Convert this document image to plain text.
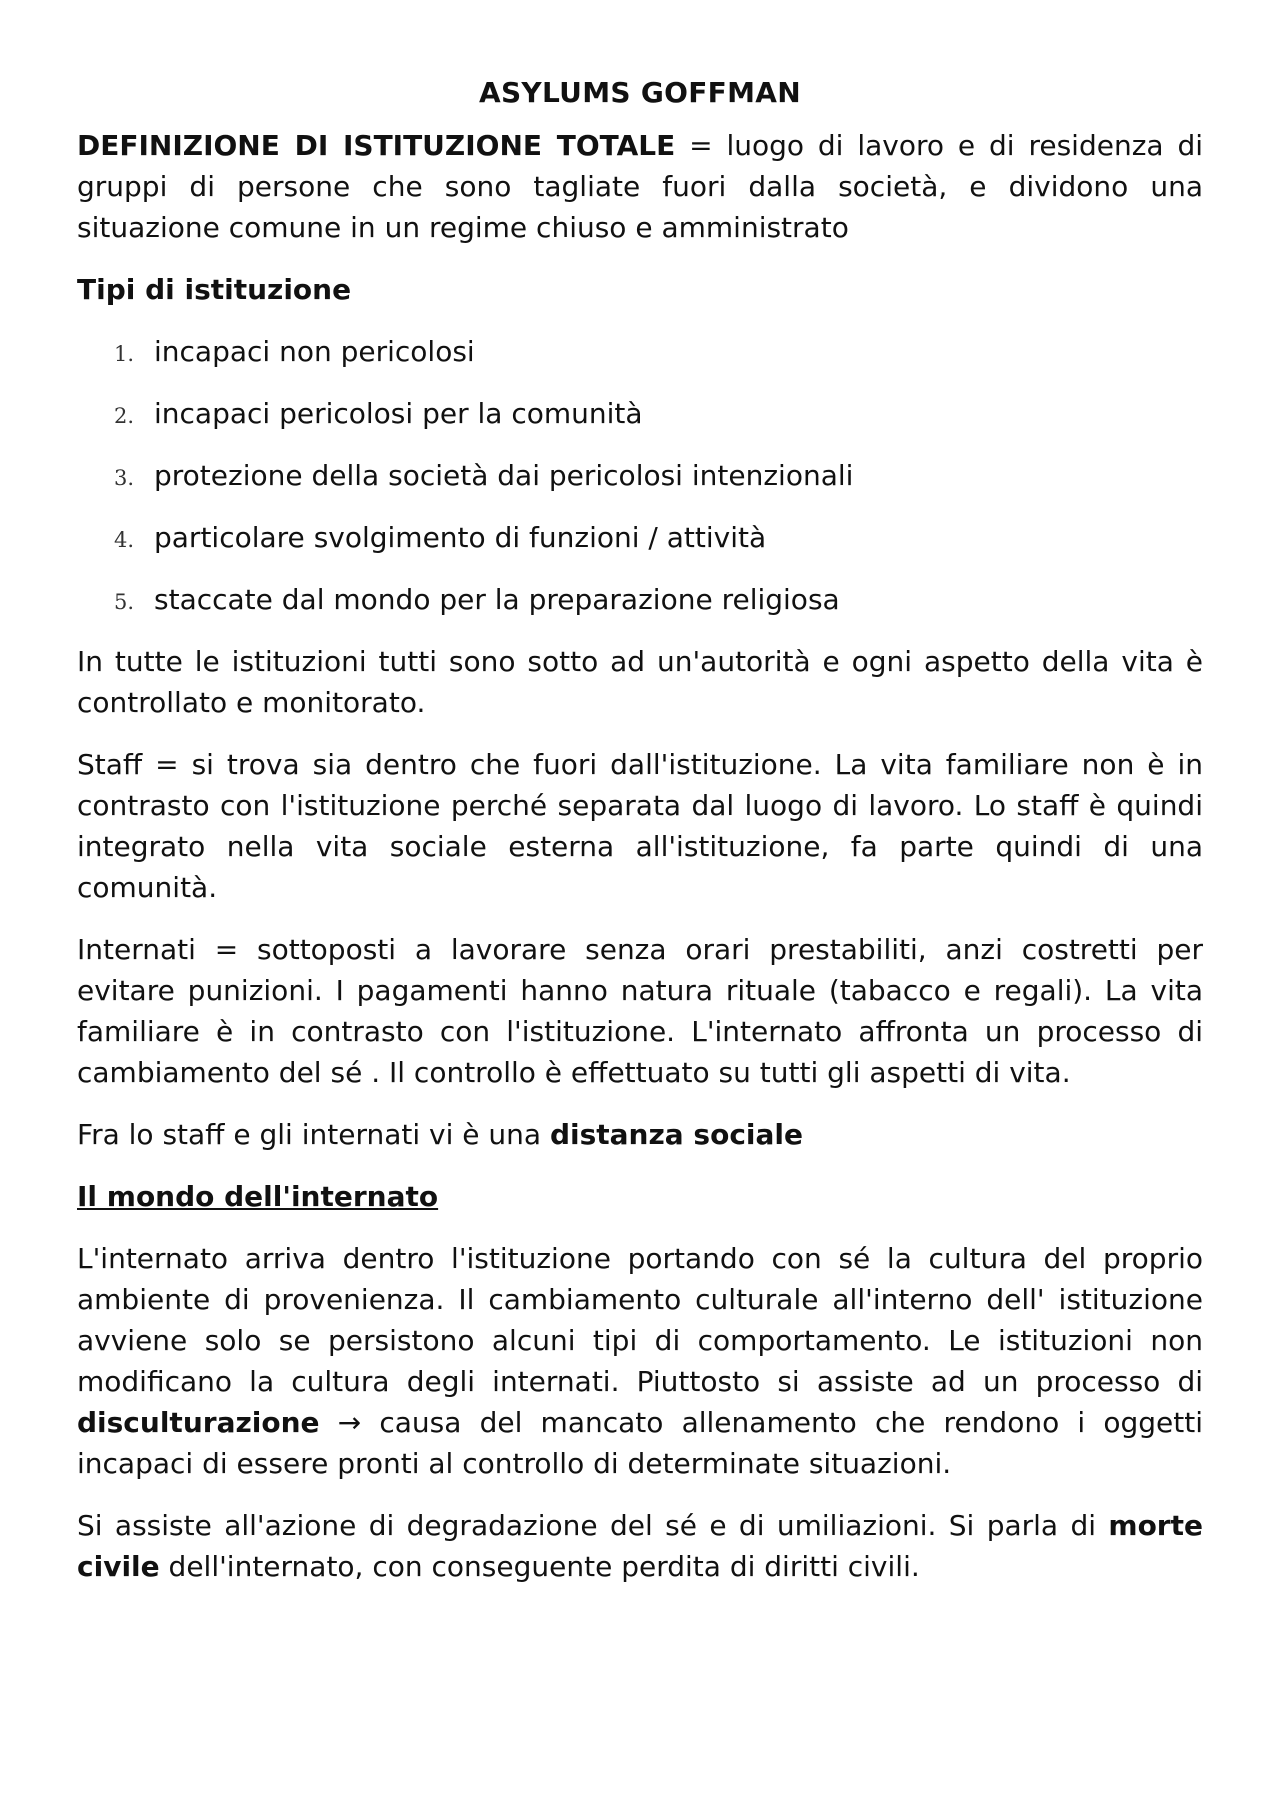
ASYLUMS GOFFMAN

DEFINIZIONE DI ISTITUZIONE TOTALE = luogo di lavoro e di residenza di gruppi di persone che sono tagliate fuori dalla società, e dividono una situazione comune in un regime chiuso e amministrato

Tipi di istituzione
1. incapaci non pericolosi
2. incapaci pericolosi per la comunità
3. protezione della società dai pericolosi intenzionali
4. particolare svolgimento di funzioni / attività
5. staccate dal mondo per la preparazione religiosa

In tutte le istituzioni tutti sono sotto ad un'autorità e ogni aspetto della vita è controllato e monitorato.

Staff = si trova sia dentro che fuori dall'istituzione. La vita familiare non è in contrasto con l'istituzione perché separata dal luogo di lavoro. Lo staff è quindi integrato nella vita sociale esterna all'istituzione, fa parte quindi di una comunità.

Internati = sottoposti a lavorare senza orari prestabiliti, anzi costretti per evitare punizioni. I pagamenti hanno natura rituale (tabacco e regali). La vita familiare è in contrasto con l'istituzione. L'internato affronta un processo di cambiamento del sé . Il controllo è effettuato su tutti gli aspetti di vita.

Fra lo staff e gli internati vi è una distanza sociale

Il mondo dell'internato

L'internato arriva dentro l'istituzione portando con sé la cultura del proprio ambiente di provenienza. Il cambiamento culturale all'interno dell' istituzione avviene solo se persistono alcuni tipi di comportamento. Le istituzioni non modificano la cultura degli internati. Piuttosto si assiste ad un processo di disculturazione → causa del mancato allenamento che rendono i oggetti incapaci di essere pronti al controllo di determinate situazioni.

Si assiste all'azione di degradazione del sé e di umiliazioni. Si parla di morte civile dell'internato, con conseguente perdita di diritti civili.
